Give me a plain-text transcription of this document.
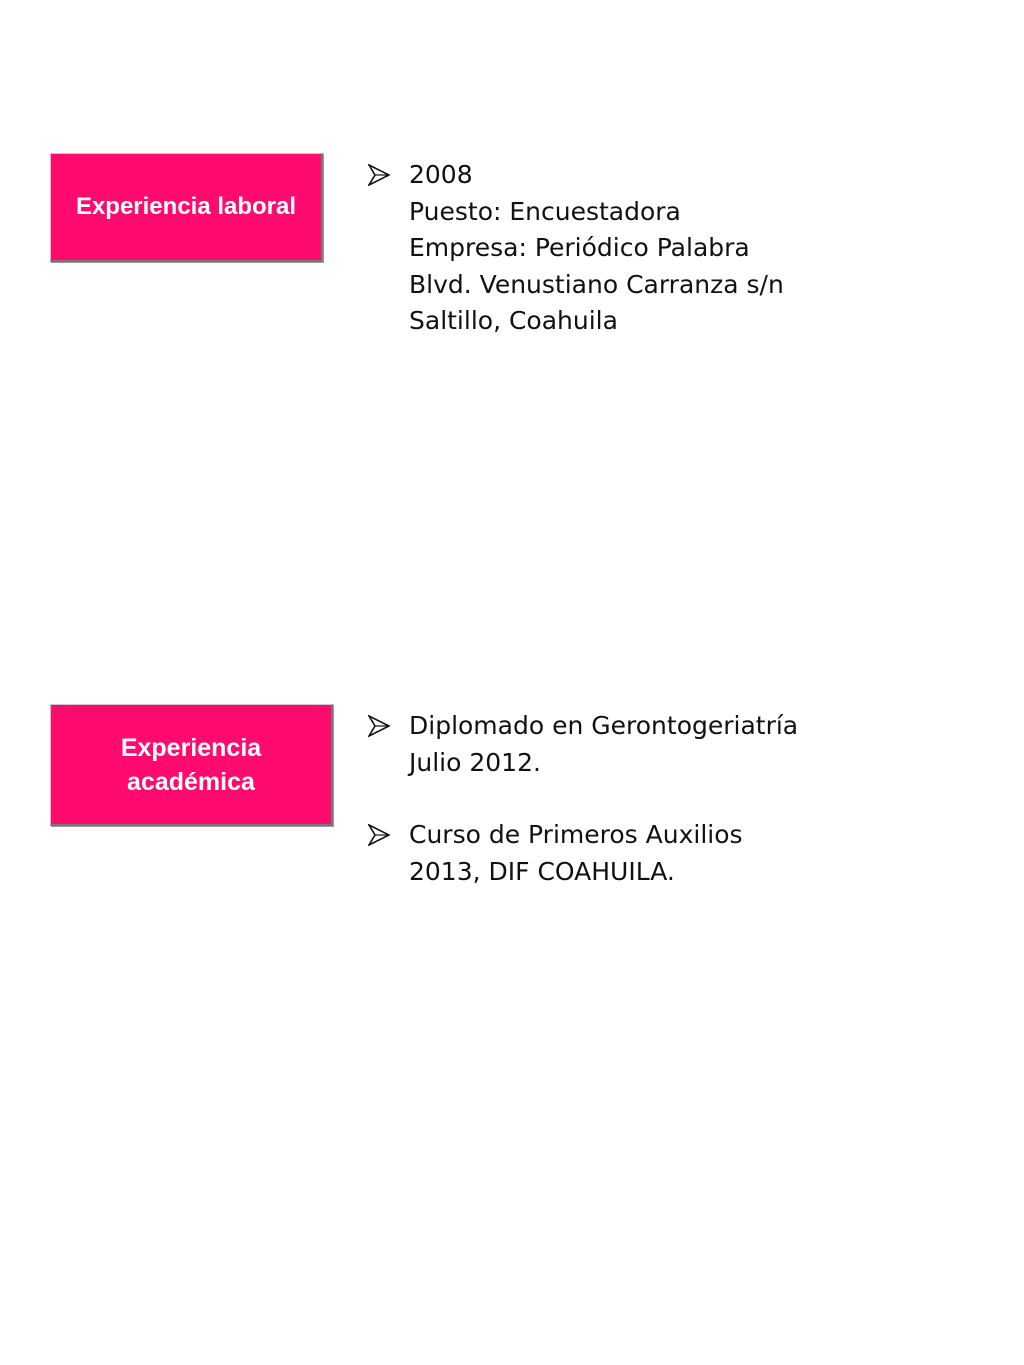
Experiencia laboral
2008
Puesto: Encuestadora
Empresa: Periódico Palabra
Blvd. Venustiano Carranza s/n
Saltillo, Coahuila
Experiencia
académica
Diplomado en Gerontogeriatría
Julio 2012.
Curso de Primeros Auxilios
2013, DIF COAHUILA.
